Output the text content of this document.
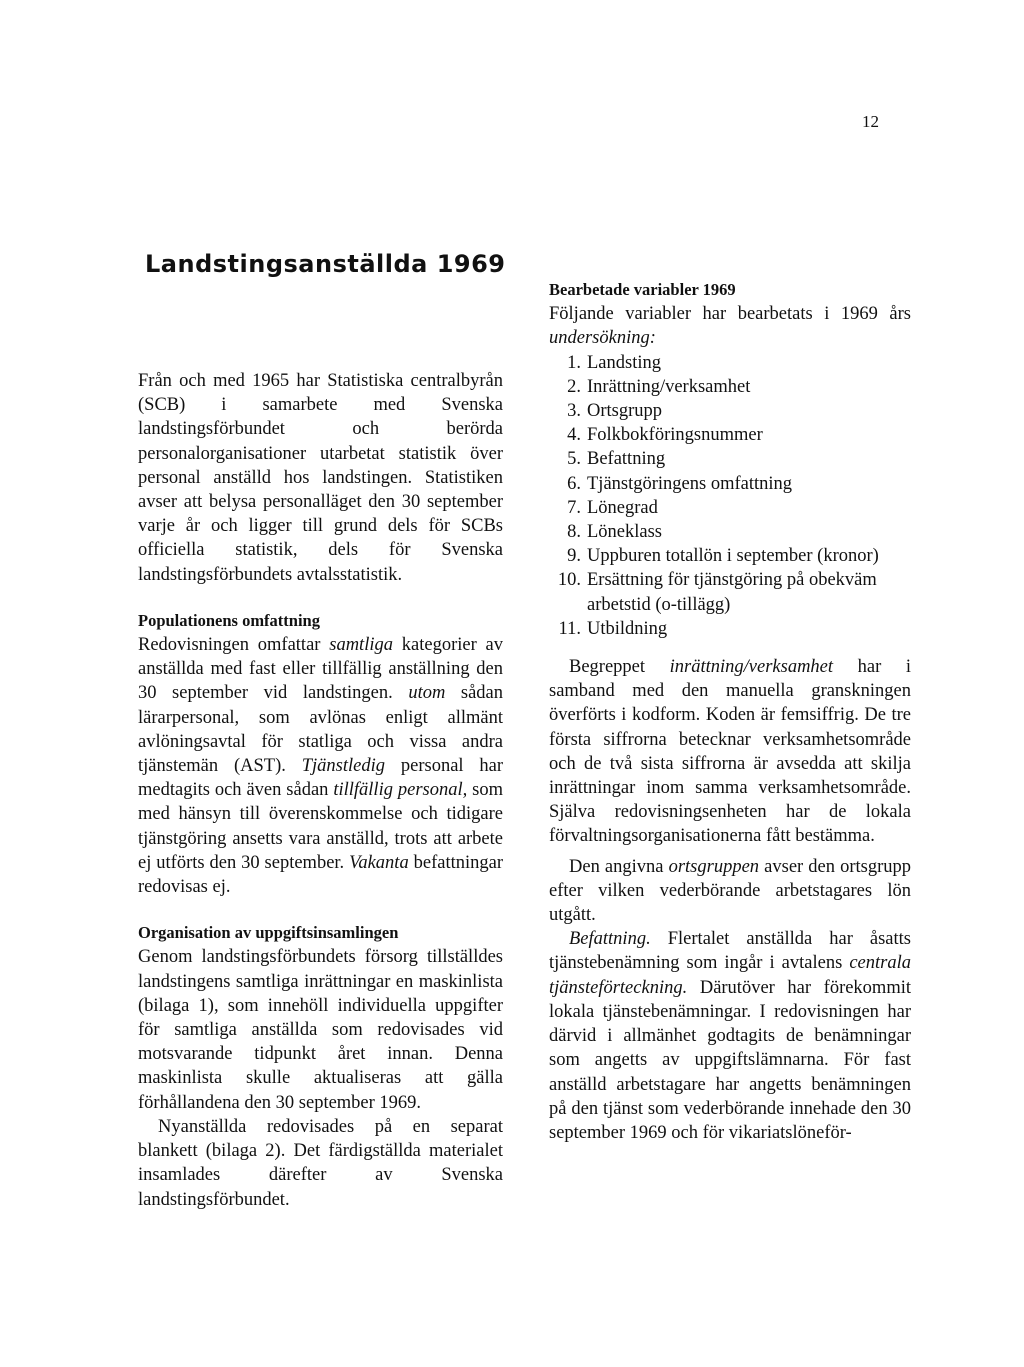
12
Landstingsanställda 1969

Från och med 1965 har Statistiska centralbyrån (SCB) i samarbete med Svenska landstingsförbundet och berörda personalorganisationer utarbetat statistik över personal anställd hos landstingen. Statistiken avser att belysa personalläget den 30 september varje år och ligger till grund dels för SCBs officiella statistik, dels för Svenska landstingsförbundets avtalsstatistik.

Populationens omfattning

Redovisningen omfattar samtliga kategorier av anställda med fast eller tillfällig anställning den 30 september vid landstingen. utom sådan lärarpersonal, som avlönas enligt allmänt avlöningsavtal för statliga och vissa andra tjänstemän (AST). Tjänstledig personal har medtagits och även sådan tillfällig personal, som med hänsyn till överenskommelse och tidigare tjänstgöring ansetts vara anställd, trots att arbete ej utförts den 30 september. Vakanta befattningar redovisas ej.

Organisation av uppgiftsinsamlingen

Genom landstingsförbundets försorg tillställdes landstingens samtliga inrättningar en maskinlista (bilaga 1), som innehöll individuella uppgifter för samtliga anställda som redovisades vid motsvarande tidpunkt året innan. Denna maskinlista skulle aktualiseras att gälla förhållandena den 30 september 1969.

Nyanställda redovisades på en separat blankett (bilaga 2). Det färdigställda materialet insamlades därefter av Svenska landstingsförbundet.

Bearbetade variabler 1969

Följande variabler har bearbetats i 1969 års undersökning:

1. Landsting
2. Inrättning/verksamhet
3. Ortsgrupp
4. Folkbokföringsnummer
5. Befattning
6. Tjänstgöringens omfattning
7. Lönegrad
8. Löneklass
9. Uppburen totallön i september (kronor)
10. Ersättning för tjänstgöring på obekväm arbetstid (o-tillägg)
11. Utbildning

Begreppet inrättning/verksamhet har i samband med den manuella granskningen överförts i kodform. Koden är femsiffrig. De tre första siffrorna betecknar verksamhetsområde och de två sista siffrorna är avsedda att skilja inrättningar inom samma verksamhetsområde. Själva redovisningsenheten har de lokala förvaltningsorganisationerna fått bestämma.

Den angivna ortsgruppen avser den ortsgrupp efter vilken vederbörande arbetstagares lön utgått.

Befattning. Flertalet anställda har åsatts tjänstebenämning som ingår i avtalens centrala tjänsteförteckning. Därutöver har förekommit lokala tjänstebenämningar. I redovisningen har därvid i allmänhet godtagits de benämningar som angetts av uppgiftslämnarna. För fast anställd arbetstagare har angetts benämningen på den tjänst som vederbörande innehade den 30 september 1969 och för vikariatslöneför-
